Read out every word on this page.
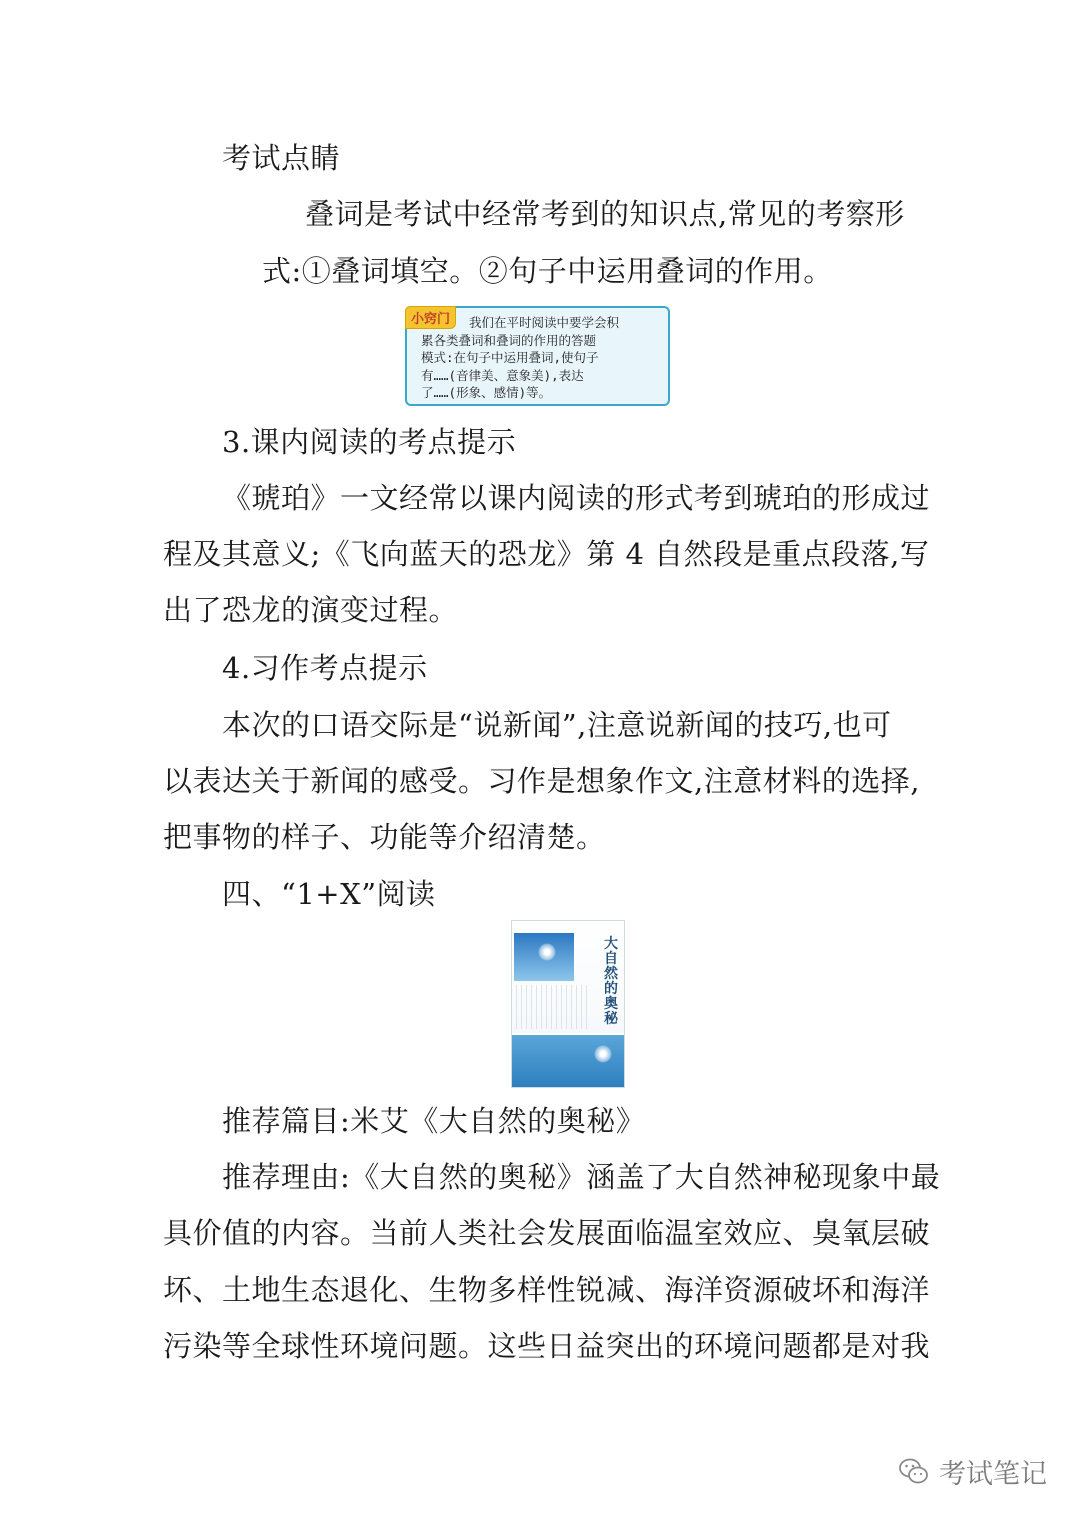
考试点睛
叠词是考试中经常考到的知识点,常见的考察形
式:①叠词填空。②句子中运用叠词的作用。
小窍门	我们在平时阅读中要学会积
累各类叠词和叠词的作用的答题
模式:在句子中运用叠词,使句子
有……(音律美、意象美),表达
了……(形象、感情)等。
3.课内阅读的考点提示
《琥珀》一文经常以课内阅读的形式考到琥珀的形成过
程及其意义;《飞向蓝天的恐龙》第 4 自然段是重点段落,写
出了恐龙的演变过程。
4.习作考点提示
本次的口语交际是“说新闻”,注意说新闻的技巧,也可
以表达关于新闻的感受。习作是想象作文,注意材料的选择,
把事物的样子、功能等介绍清楚。
四、“1+X”阅读
大自然的奥秘
推荐篇目:米艾《大自然的奥秘》
推荐理由:《大自然的奥秘》涵盖了大自然神秘现象中最
具价值的内容。当前人类社会发展面临温室效应、臭氧层破
坏、土地生态退化、生物多样性锐减、海洋资源破坏和海洋
污染等全球性环境问题。这些日益突出的环境问题都是对我
考试笔记
